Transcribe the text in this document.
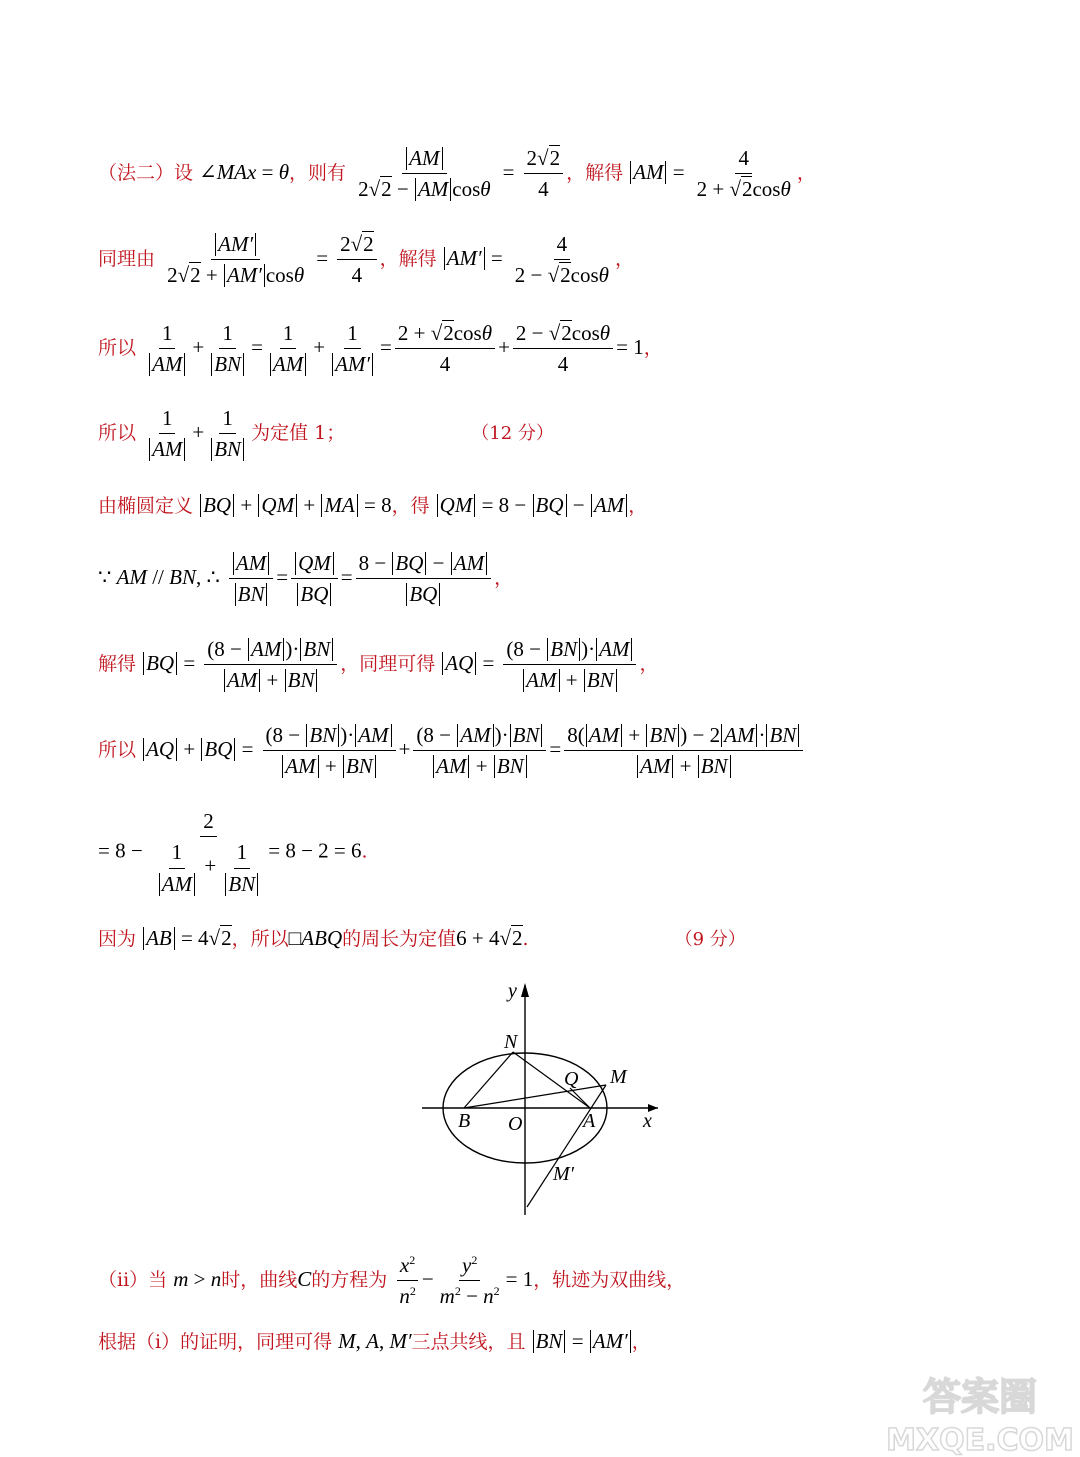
（法二）设 ∠MAx = θ，则有 $\frac{AM}{\text{2√2 − AM cosθ}} = \frac{2√2}{4}$ ，解得 AM = $\frac{4}{2 + √2\cos\theta}$ ，
同理由 $\frac{AM'}{2√2 + AM' \cos\theta} = \frac{2√2}{4}$ ，解得 $AM' = \frac{4}{2 - √2\cos\theta}$ ，
所以 $\frac{1}{AM} + \frac{1}{BN} = \frac{1}{AM} + \frac{1}{AM'} = \frac{2 + √2\cos\theta}{4} + \frac{2 - √2\cos\theta}{4} = 1$，
所以 $\frac{1}{AM} + \frac{1}{BN}$ 为定值 1；	（12 分）
由椭圆定义 BQ + QM + MA = 8，得 QM = 8 − BQ − AM ，
∵ AM // BN, ∴ $\frac{AM}{BN} = \frac{QM}{BQ} = \frac{8 - BQ - AM}{BQ}$ ，
解得 BQ = $\frac{(8 - AM )\cdot BN}{AM + BN}$ ，同理可得 AQ = $\frac{(8 - BN )\cdot AM}{AM + BN}$ ，
所以 AQ + BQ = $\frac{(8 - BN )\cdot AM}{AM + BN} + \frac{(8 - AM )\cdot BN}{AM + BN} = \frac{8( AM + BN ) - 2 AM \cdot BN}{AM + BN}$
= $8 - \frac{2}{\frac{1}{AM} + \frac{1}{BN}} = 8 - 2 = 6$.
因为 AB = 4√2，所以□ABQ的周长为定值6 + 4√2.	（9 分）
y
x
N
Q M
B O	A
M′
（ii）当 m > n时，曲线C的方程为 $\frac{x^2}{n^2} - \frac{y^2}{m^2 - n^2} = 1$，轨迹为双曲线，
根据（i）的证明，同理可得 M, A, M′三点共线，且 BN = AM′ ，
答案圈
MXQE.COM
